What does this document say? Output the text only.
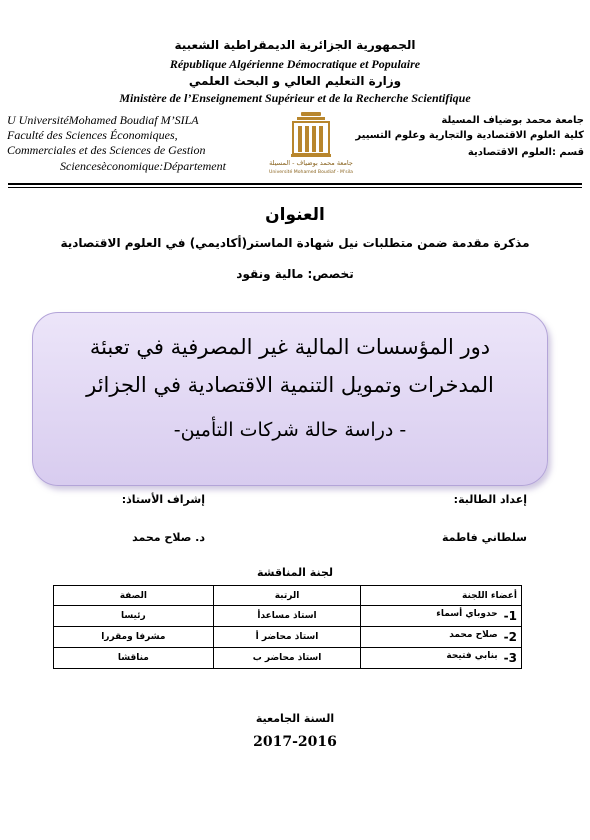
الجمهورية الجزائرية الديمقراطية الشعبية
République Algérienne Démocratique et Populaire
وزارة التعليم العالي و البحث العلمي
Ministère de l’Enseignement Supérieur et de la Recherche Scientifique
U UniversitéMohamed Boudiaf M’SILA
Faculté des Sciences Économiques,
Commerciales et des Sciences de Gestion
Sciencesèconomique:Département
جامعة محمد بوضياف المسيلة
كلية العلوم الاقتصادية والتجارية وعلوم التسيير
قسم :العلوم الاقتصادية
جامعة محمد بوضياف - المسيلة
Université Mohamed Boudiaf - M'sila
العنوان
مذكرة مقدمة ضمن متطلبات نيل شهادة الماستر(أكاديمي) في العلوم الاقتصادية
تخصص: مالية ونقود
دور المؤسسات المالية غير المصرفية في تعبئة
المدخرات وتمويل التنمية الاقتصادية في الجزائر
- دراسة حالة شركات التأمين-
إعداد الطالبة:
إشراف الأستاذ:
سلطاني فاطمة
د. صلاح محمد
لجنة المناقشة
أعضاء اللجنة	الرتبة	الصفة

1-
حدوباي أسماء	استاذ مساعدأ	رئيسا

2-
صلاح محمد	استاذ محاضر أ	مشرفا ومقررا

3-
بنابي فتيحة	استاذ محاضر ب	مناقشا
السنة الجامعية
2017-2016
